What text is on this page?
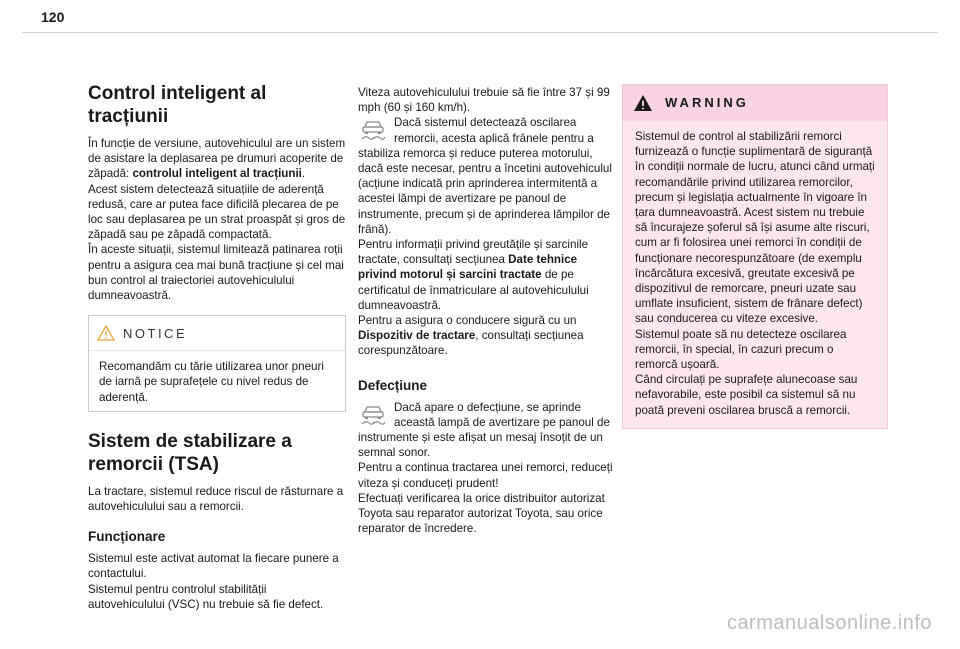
120
Control inteligent al tracțiunii

În funcție de versiune, autovehiculul are un sistem de asistare la deplasarea pe drumuri acoperite de zăpadă: controlul inteligent al tracțiunii.

Acest sistem detectează situațiile de aderență redusă, care ar putea face dificilă plecarea de pe loc sau deplasarea pe un strat proaspăt și gros de zăpadă sau pe zăpadă compactată.

În aceste situații, sistemul limitează patinarea roții pentru a asigura cea mai bună tracțiune și cel mai bun control al traiectoriei autovehiculului dumneavoastră.

NOTICE
Recomandăm cu tărie utilizarea unor pneuri de iarnă pe suprafețele cu nivel redus de aderență.
Sistem de stabilizare a remorcii (TSA)

La tractare, sistemul reduce riscul de răsturnare a autovehiculului sau a remorcii.

Funcționare

Sistemul este activat automat la fiecare punere a contactului.

Sistemul pentru controlul stabilității autovehiculului (VSC) nu trebuie să fie defect.

Viteza autovehiculului trebuie să fie între 37 și 99 mph (60 și 160 km/h).

Dacă sistemul detectează oscilarea remorcii, acesta aplică frânele pentru a stabiliza remorca și reduce puterea motorului, dacă este necesar, pentru a încetini autovehiculul (acțiune indicată prin aprinderea intermitentă a acestei lămpi de avertizare pe panoul de instrumente, precum și de aprinderea lămpilor de frână).

Pentru informații privind greutățile și sarcinile tractate, consultați secțiunea Date tehnice privind motorul și sarcini tractate de pe certificatul de înmatriculare al autovehiculului dumneavoastră.

Pentru a asigura o conducere sigură cu un Dispozitiv de tractare, consultați secțiunea corespunzătoare.

Defecțiune

Dacă apare o defecțiune, se aprinde această lampă de avertizare pe panoul de instrumente și este afișat un mesaj însoțit de un semnal sonor.

Pentru a continua tractarea unei remorci, reduceți viteza și conduceți prudent!

Efectuați verificarea la orice distribuitor autorizat Toyota sau reparator autorizat Toyota, sau orice reparator de încredere.

WARNING

Sistemul de control al stabilizării remorci furnizează o funcție suplimentară de siguranță în condiții normale de lucru, atunci când urmați recomandările privind utilizarea remorcilor, precum și legislația actualmente în vigoare în țara dumneavoastră. Acest sistem nu trebuie să încurajeze șoferul să își asume alte riscuri, cum ar fi folosirea unei remorci în condiții de funcționare necorespunzătoare (de exemplu încărcătura excesivă, greutate excesivă pe dispozitivul de remorcare, pneuri uzate sau umflate insuficient, sistem de frânare defect) sau conducerea cu viteze excesive.

Sistemul poate să nu detecteze oscilarea remorcii, în special, în cazuri precum o remorcă ușoară.

Când circulați pe suprafețe alunecoase sau nefavorabile, este posibil ca sistemul să nu poată preveni oscilarea bruscă a remorcii.

carmanualsonline.info
